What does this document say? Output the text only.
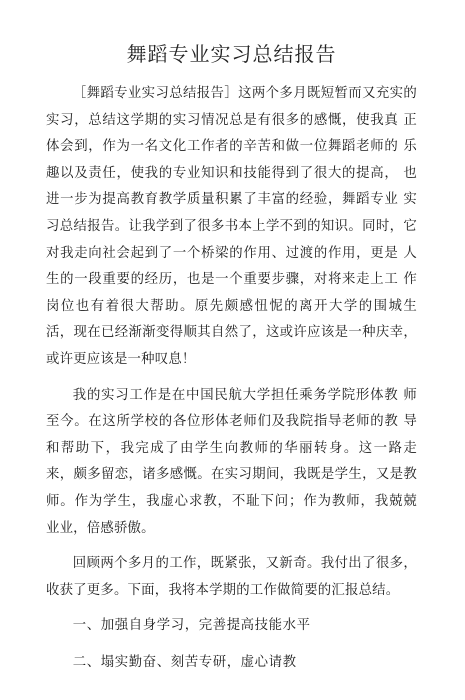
舞蹈专业实习总结报告

［舞蹈专业实习总结报告］这两个多月既短暂而又充实的实习，总结这学期的实习情况总是有很多的感慨，使我真 正体会到，作为一名文化工作者的辛苦和做一位舞蹈老师的 乐趣以及责任，使我的专业知识和技能得到了很大的提高， 也进一步为提高教育教学质量积累了丰富的经验，舞蹈专业 实习总结报告。让我学到了很多书本上学不到的知识。同时，它对我走向社会起到了一个桥梁的作用、过渡的作用，更是 人生的一段重要的经历，也是一个重要步骤，对将来走上工 作岗位也有着很大帮助。原先颇感忸怩的离开大学的围城生 活，现在已经渐渐变得顺其自然了，这或许应该是一种庆幸， 或许更应该是一种叹息！

我的实习工作是在中国民航大学担任乘务学院形体教 师至今。在这所学校的各位形体老师们及我院指导老师的教 导和帮助下，我完成了由学生向教师的华丽转身。这一路走 来，颇多留恋，诸多感慨。在实习期间，我既是学生，又是教 师。作为学生，我虚心求教，不耻下问；作为教师，我兢兢 业业，倍感骄傲。

回顾两个多月的工作，既紧张，又新奇。我付出了很多，收获了更多。下面，我将本学期的工作做简要的汇报总结。

一、加强自身学习，完善提高技能水平

二、塌实勤奋、刻苦专研，虚心请教
